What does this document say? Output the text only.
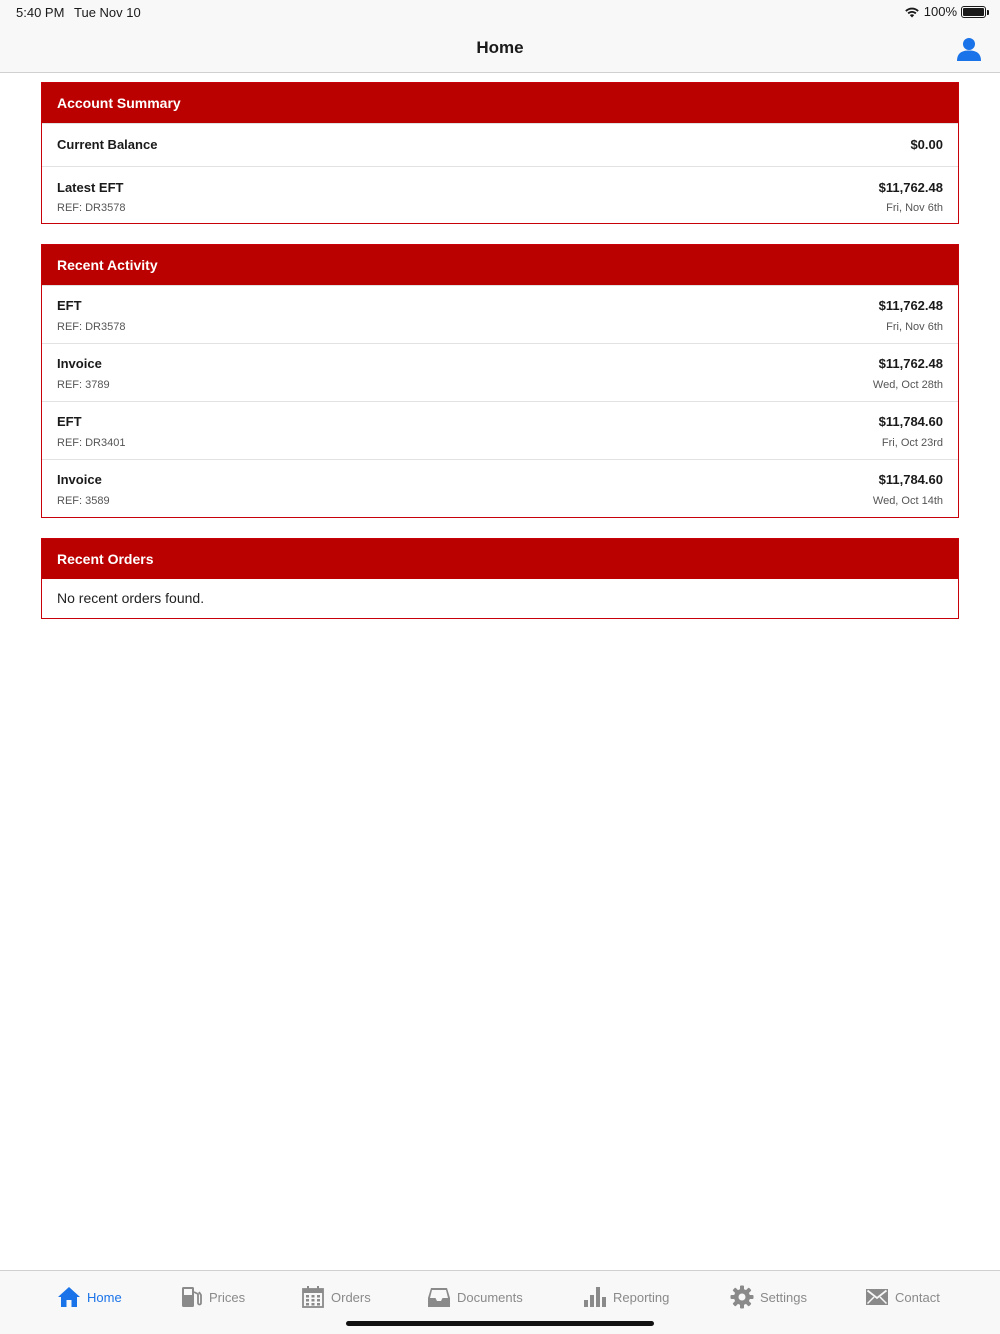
5:40 PM Tue Nov 10	100%
Home
Account Summary
Current Balance	$0.00
Latest EFT	$11,762.48
REF: DR3578	Fri, Nov 6th
Recent Activity
EFT	$11,762.48
REF: DR3578	Fri, Nov 6th
Invoice	$11,762.48
REF: 3789	Wed, Oct 28th
EFT	$11,784.60
REF: DR3401	Fri, Oct 23rd
Invoice	$11,784.60
REF: 3589	Wed, Oct 14th
Recent Orders
No recent orders found.
Home	Prices	Orders	Documents	Reporting	Settings	Contact
